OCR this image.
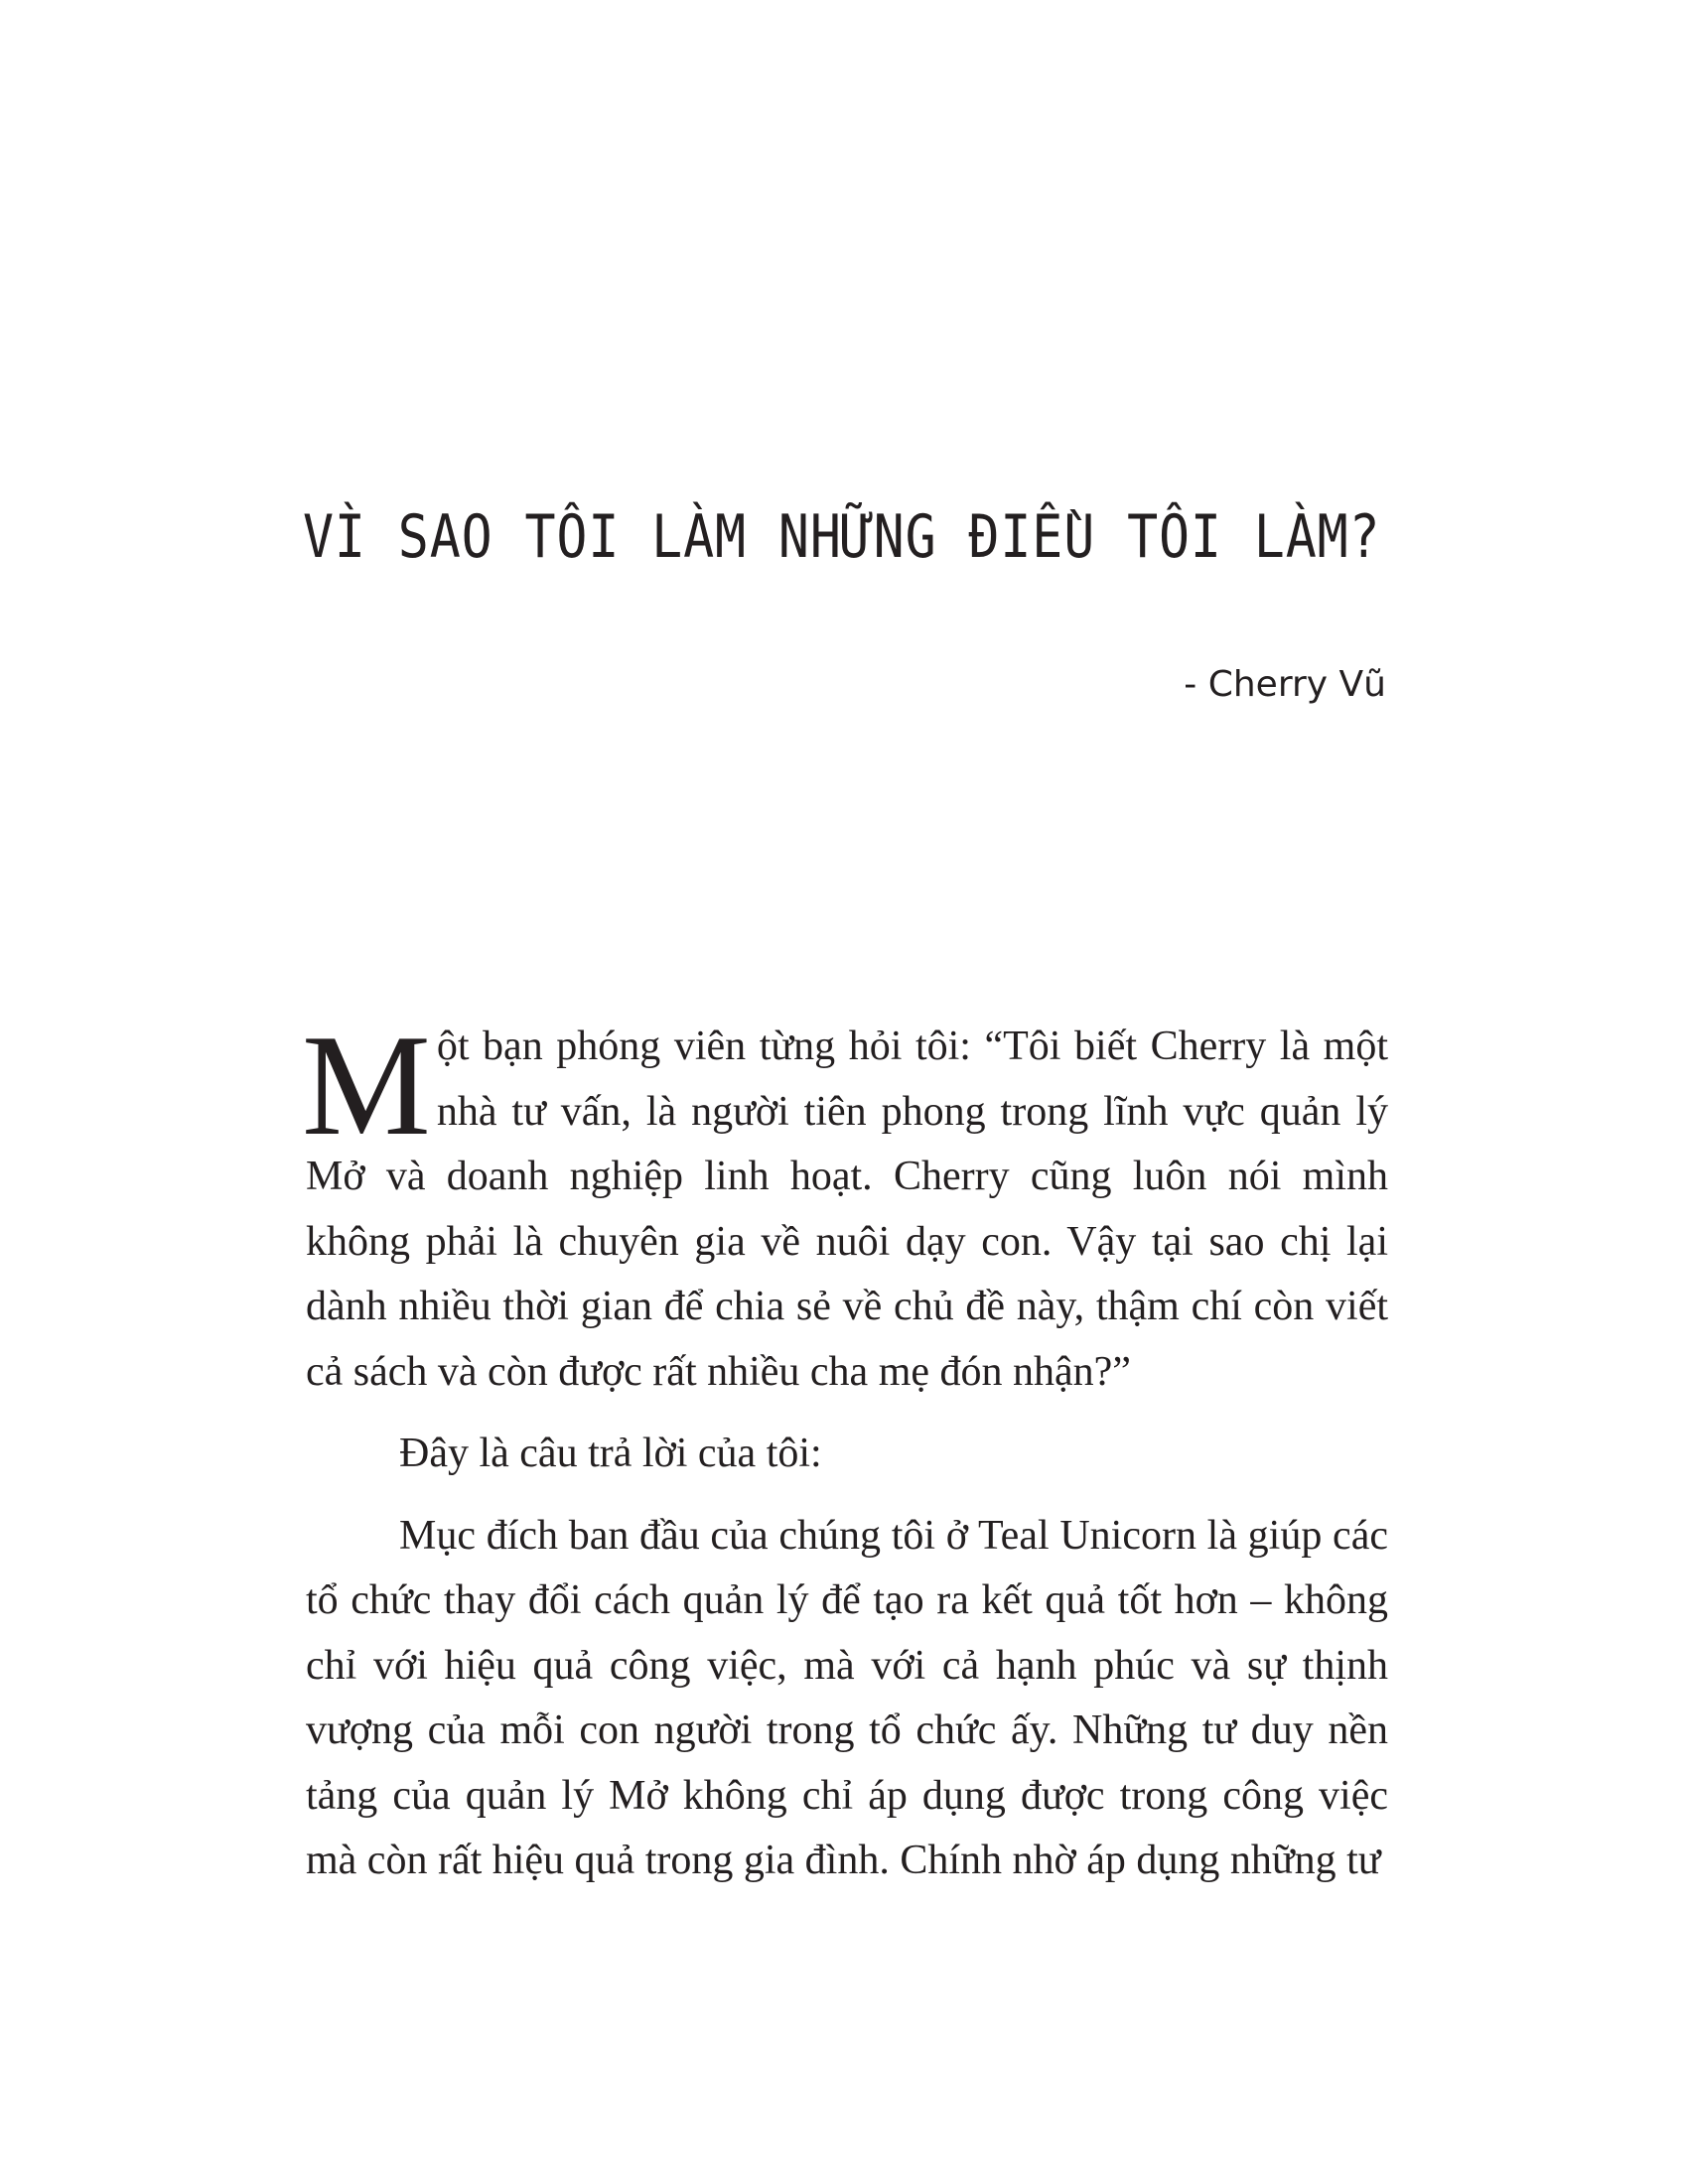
VÌ SAO TÔI LÀM NHỮNG ĐIỀU TÔI LÀM?
- Cherry Vũ

Một bạn phóng viên từng hỏi tôi: “Tôi biết Cherry là một nhà tư vấn, là người tiên phong trong lĩnh vực quản lý Mở và doanh nghiệp linh hoạt. Cherry cũng luôn nói mình không phải là chuyên gia về nuôi dạy con. Vậy tại sao chị lại dành nhiều thời gian để chia sẻ về chủ đề này, thậm chí còn viết cả sách và còn được rất nhiều cha mẹ đón nhận?”

Đây là câu trả lời của tôi:

Mục đích ban đầu của chúng tôi ở Teal Unicorn là giúp các tổ chức thay đổi cách quản lý để tạo ra kết quả tốt hơn – không chỉ với hiệu quả công việc, mà với cả hạnh phúc và sự thịnh vượng của mỗi con người trong tổ chức ấy. Những tư duy nền tảng của quản lý Mở không chỉ áp dụng được trong công việc mà còn rất hiệu quả trong gia đình. Chính nhờ áp dụng những tư
